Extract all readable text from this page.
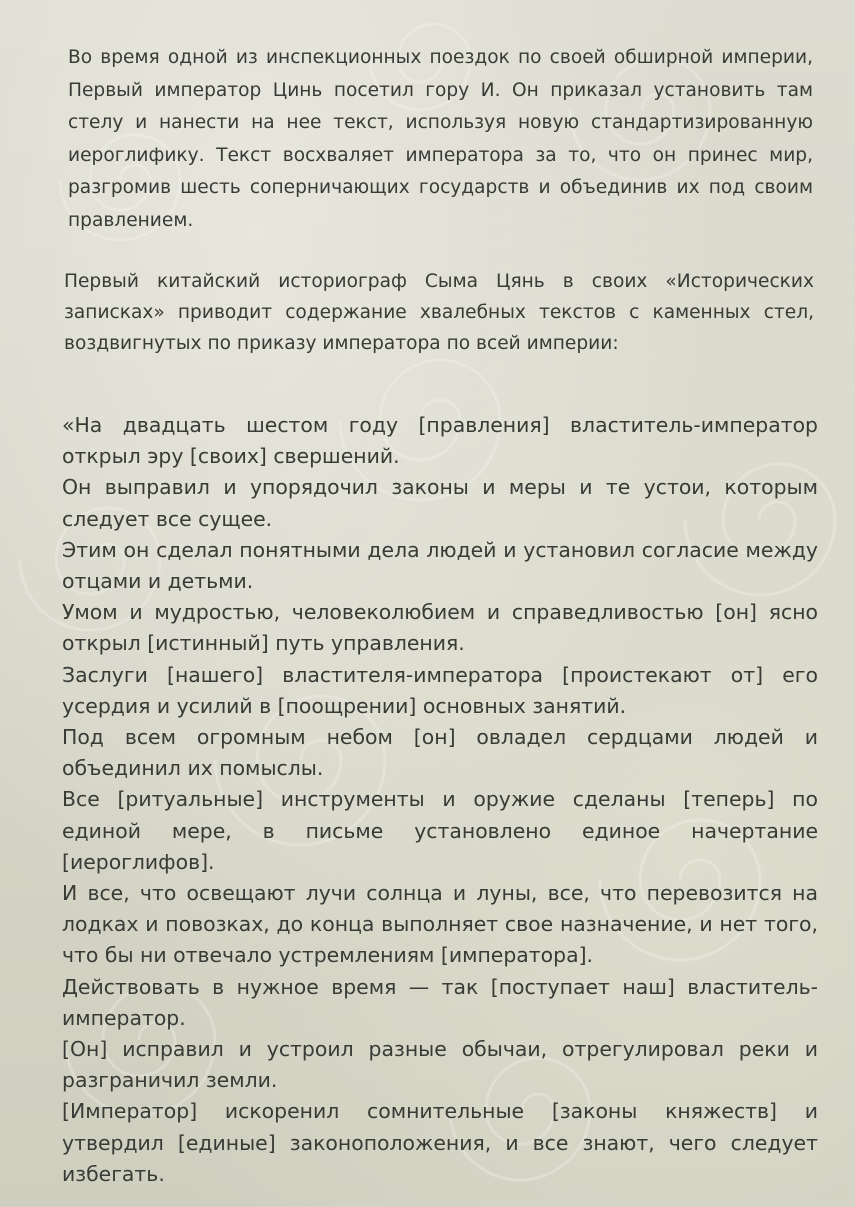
Во время одной из инспекционных поездок по своей обширной империи, Первый император Цинь посетил гору И. Он приказал установить там стелу и нанести на нее текст, используя новую стандартизированную иероглифику. Текст восхваляет императора за то, что он принес мир, разгромив шесть соперничающих государств и объединив их под своим правлением.

Первый китайский историограф Сыма Цянь в своих «Исторических записках» приводит содержание хвалебных текстов с каменных стел, воздвигнутых по приказу императора по всей империи:

«На двадцать шестом году [правления] властитель-император открыл эру [своих] свершений.
Он выправил и упорядочил законы и меры и те устои, которым следует все сущее.
Этим он сделал понятными дела людей и установил согласие между отцами и детьми.
Умом и мудростью, человеколюбием и справедливостью [он] ясно открыл [истинный] путь управления.
Заслуги [нашего] властителя-императора [проистекают от] его усердия и усилий в [поощрении] основных занятий.
Под всем огромным небом [он] овладел сердцами людей и объединил их помыслы.
Все [ритуальные] инструменты и оружие сделаны [теперь] по единой мере, в письме установлено единое начертание [иероглифов].
И все, что освещают лучи солнца и луны, все, что перевозится на лодках и повозках, до конца выполняет свое назначение, и нет того, что бы ни отвечало устремлениям [императора].
Действовать в нужное время — так [поступает наш] властитель-император.
[Он] исправил и устроил разные обычаи, отрегулировал реки и разграничил земли.
[Император] искоренил сомнительные [законы княжеств] и утвердил [единые] законоположения, и все знают, чего следует избегать.
